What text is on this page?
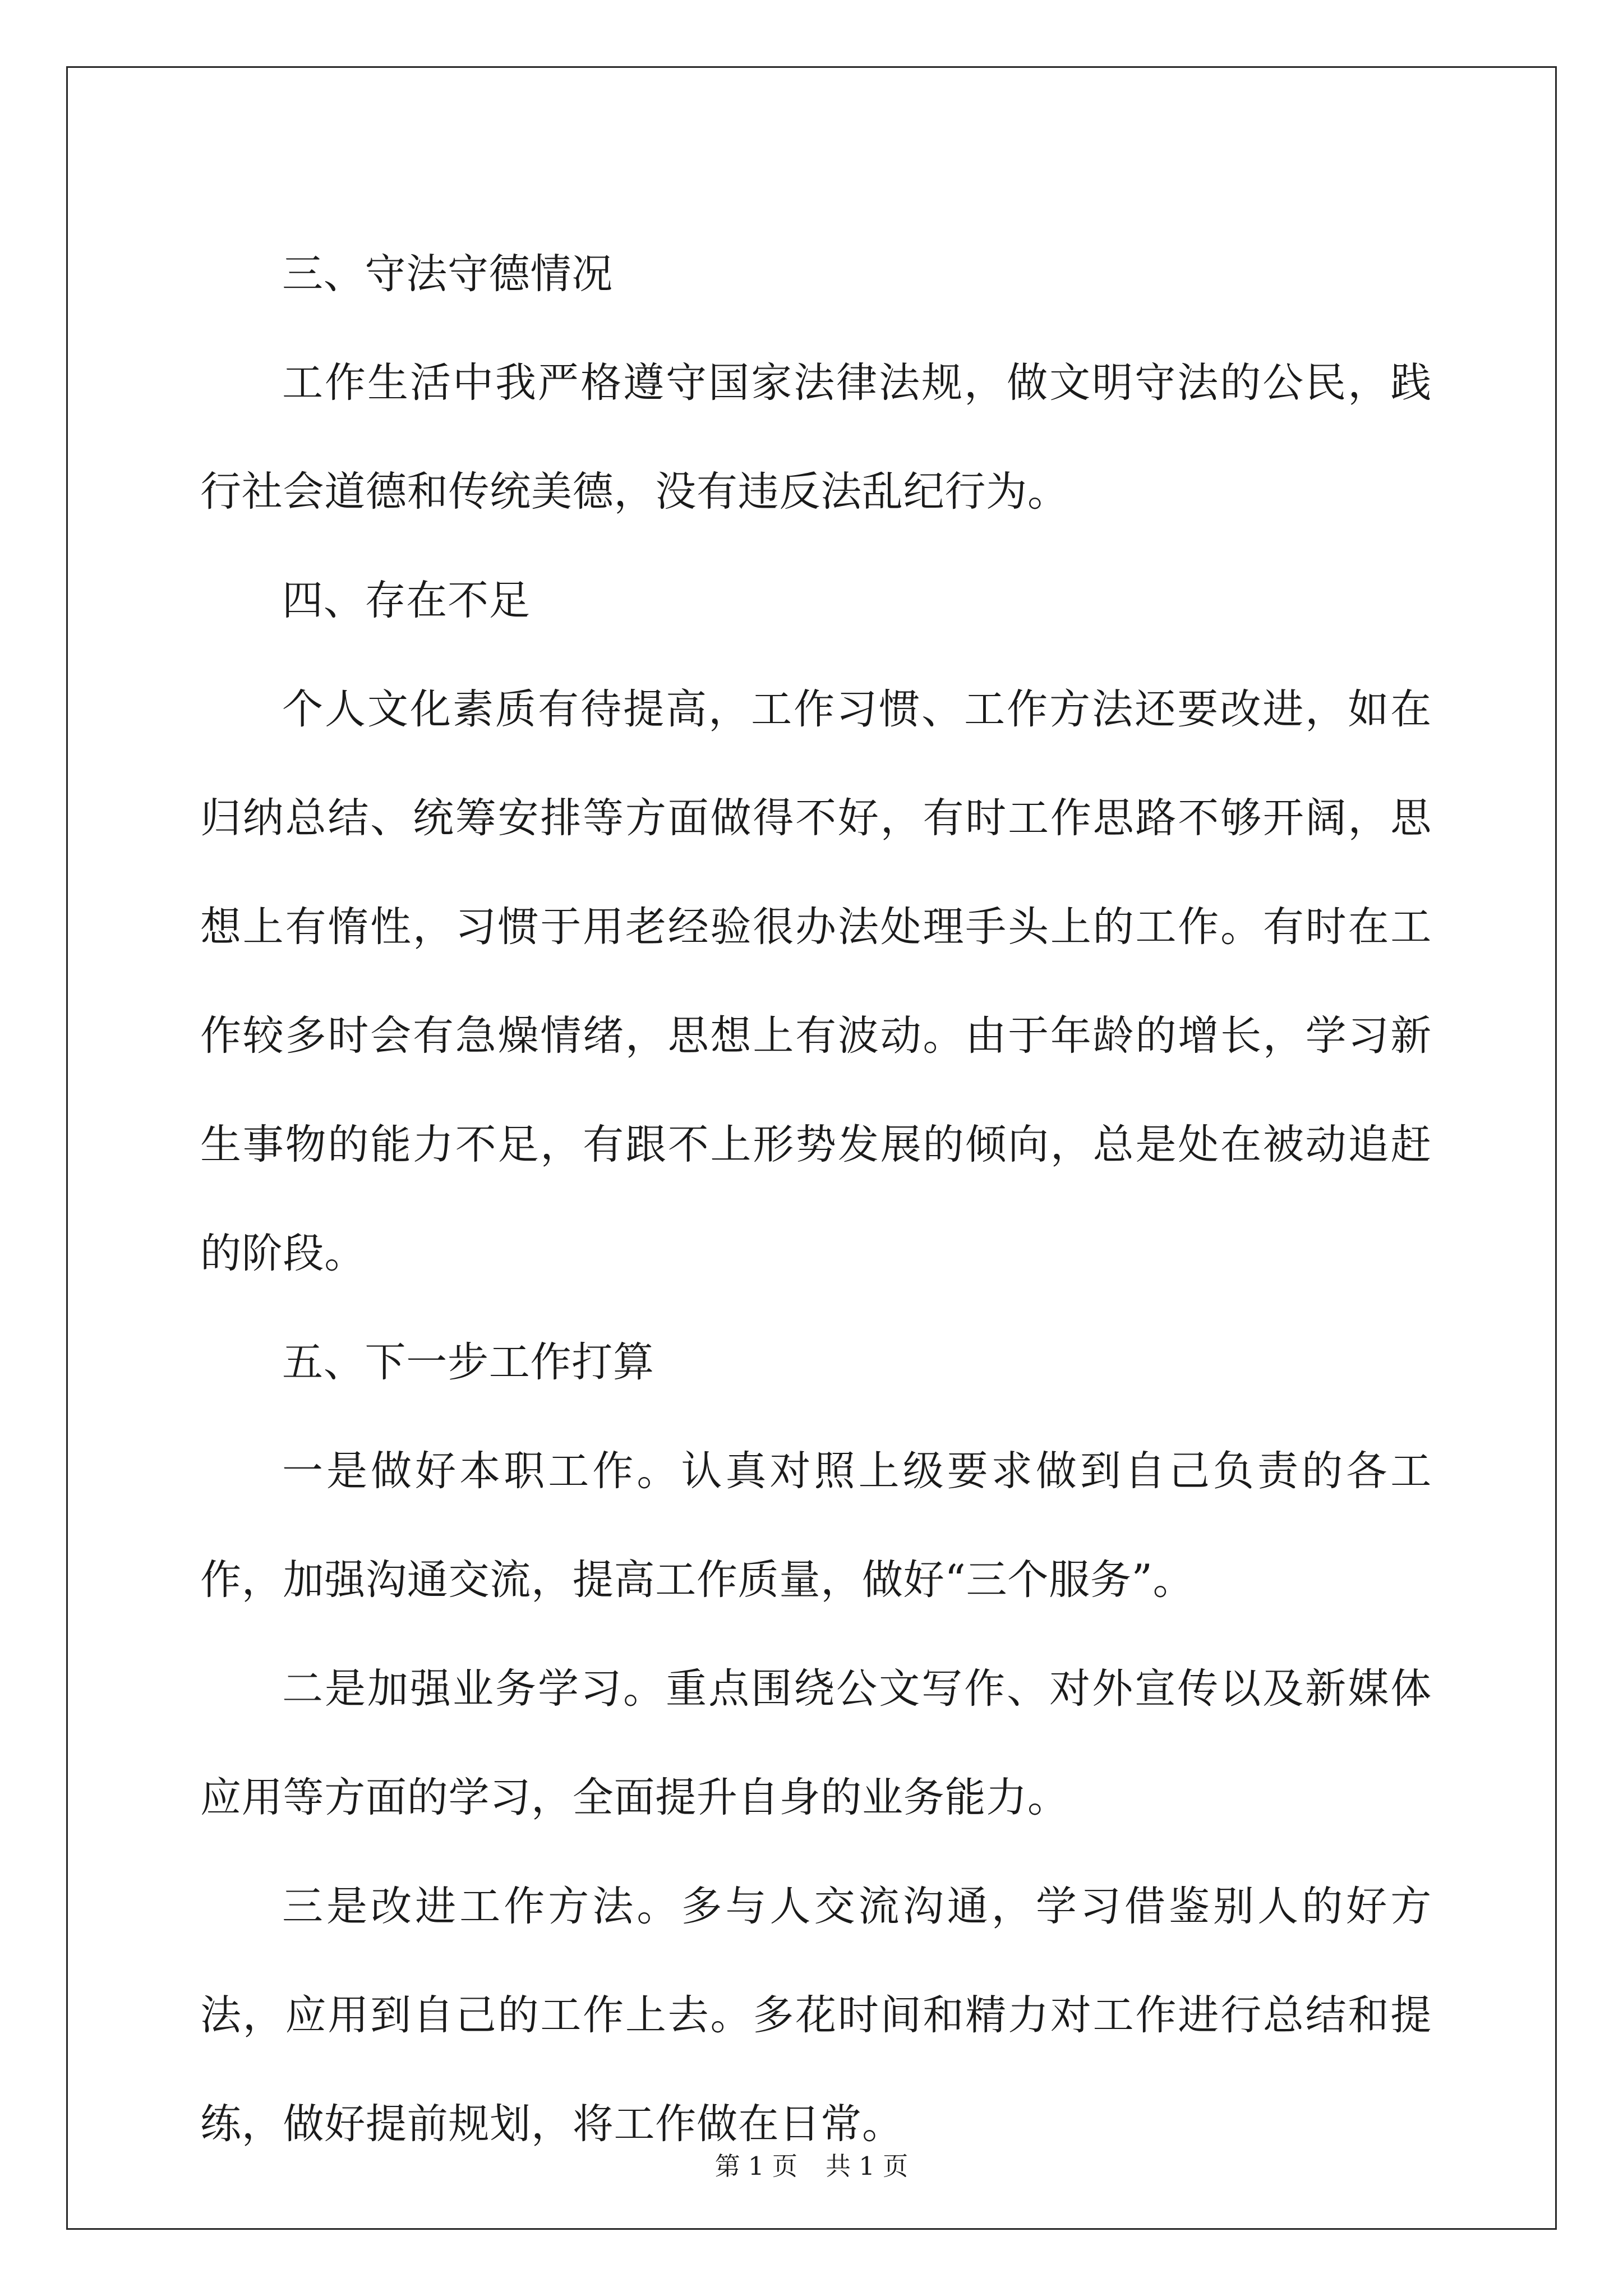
三、守法守德情况

工作生活中我严格遵守国家法律法规，做文明守法的公民，践行社会道德和传统美德，没有违反法乱纪行为。

四、存在不足

个人文化素质有待提高，工作习惯、工作方法还要改进，如在归纳总结、统筹安排等方面做得不好，有时工作思路不够开阔，思想上有惰性，习惯于用老经验很办法处理手头上的工作。有时在工作较多时会有急燥情绪，思想上有波动。由于年龄的增长，学习新生事物的能力不足，有跟不上形势发展的倾向，总是处在被动追赶的阶段。

五、下一步工作打算

一是做好本职工作。认真对照上级要求做到自己负责的各工作，加强沟通交流，提高工作质量，做好“三个服务”。

二是加强业务学习。重点围绕公文写作、对外宣传以及新媒体应用等方面的学习，全面提升自身的业务能力。

三是改进工作方法。多与人交流沟通，学习借鉴别人的好方法，应用到自己的工作上去。多花时间和精力对工作进行总结和提练，做好提前规划，将工作做在日常。

第 1 页 共 1 页
